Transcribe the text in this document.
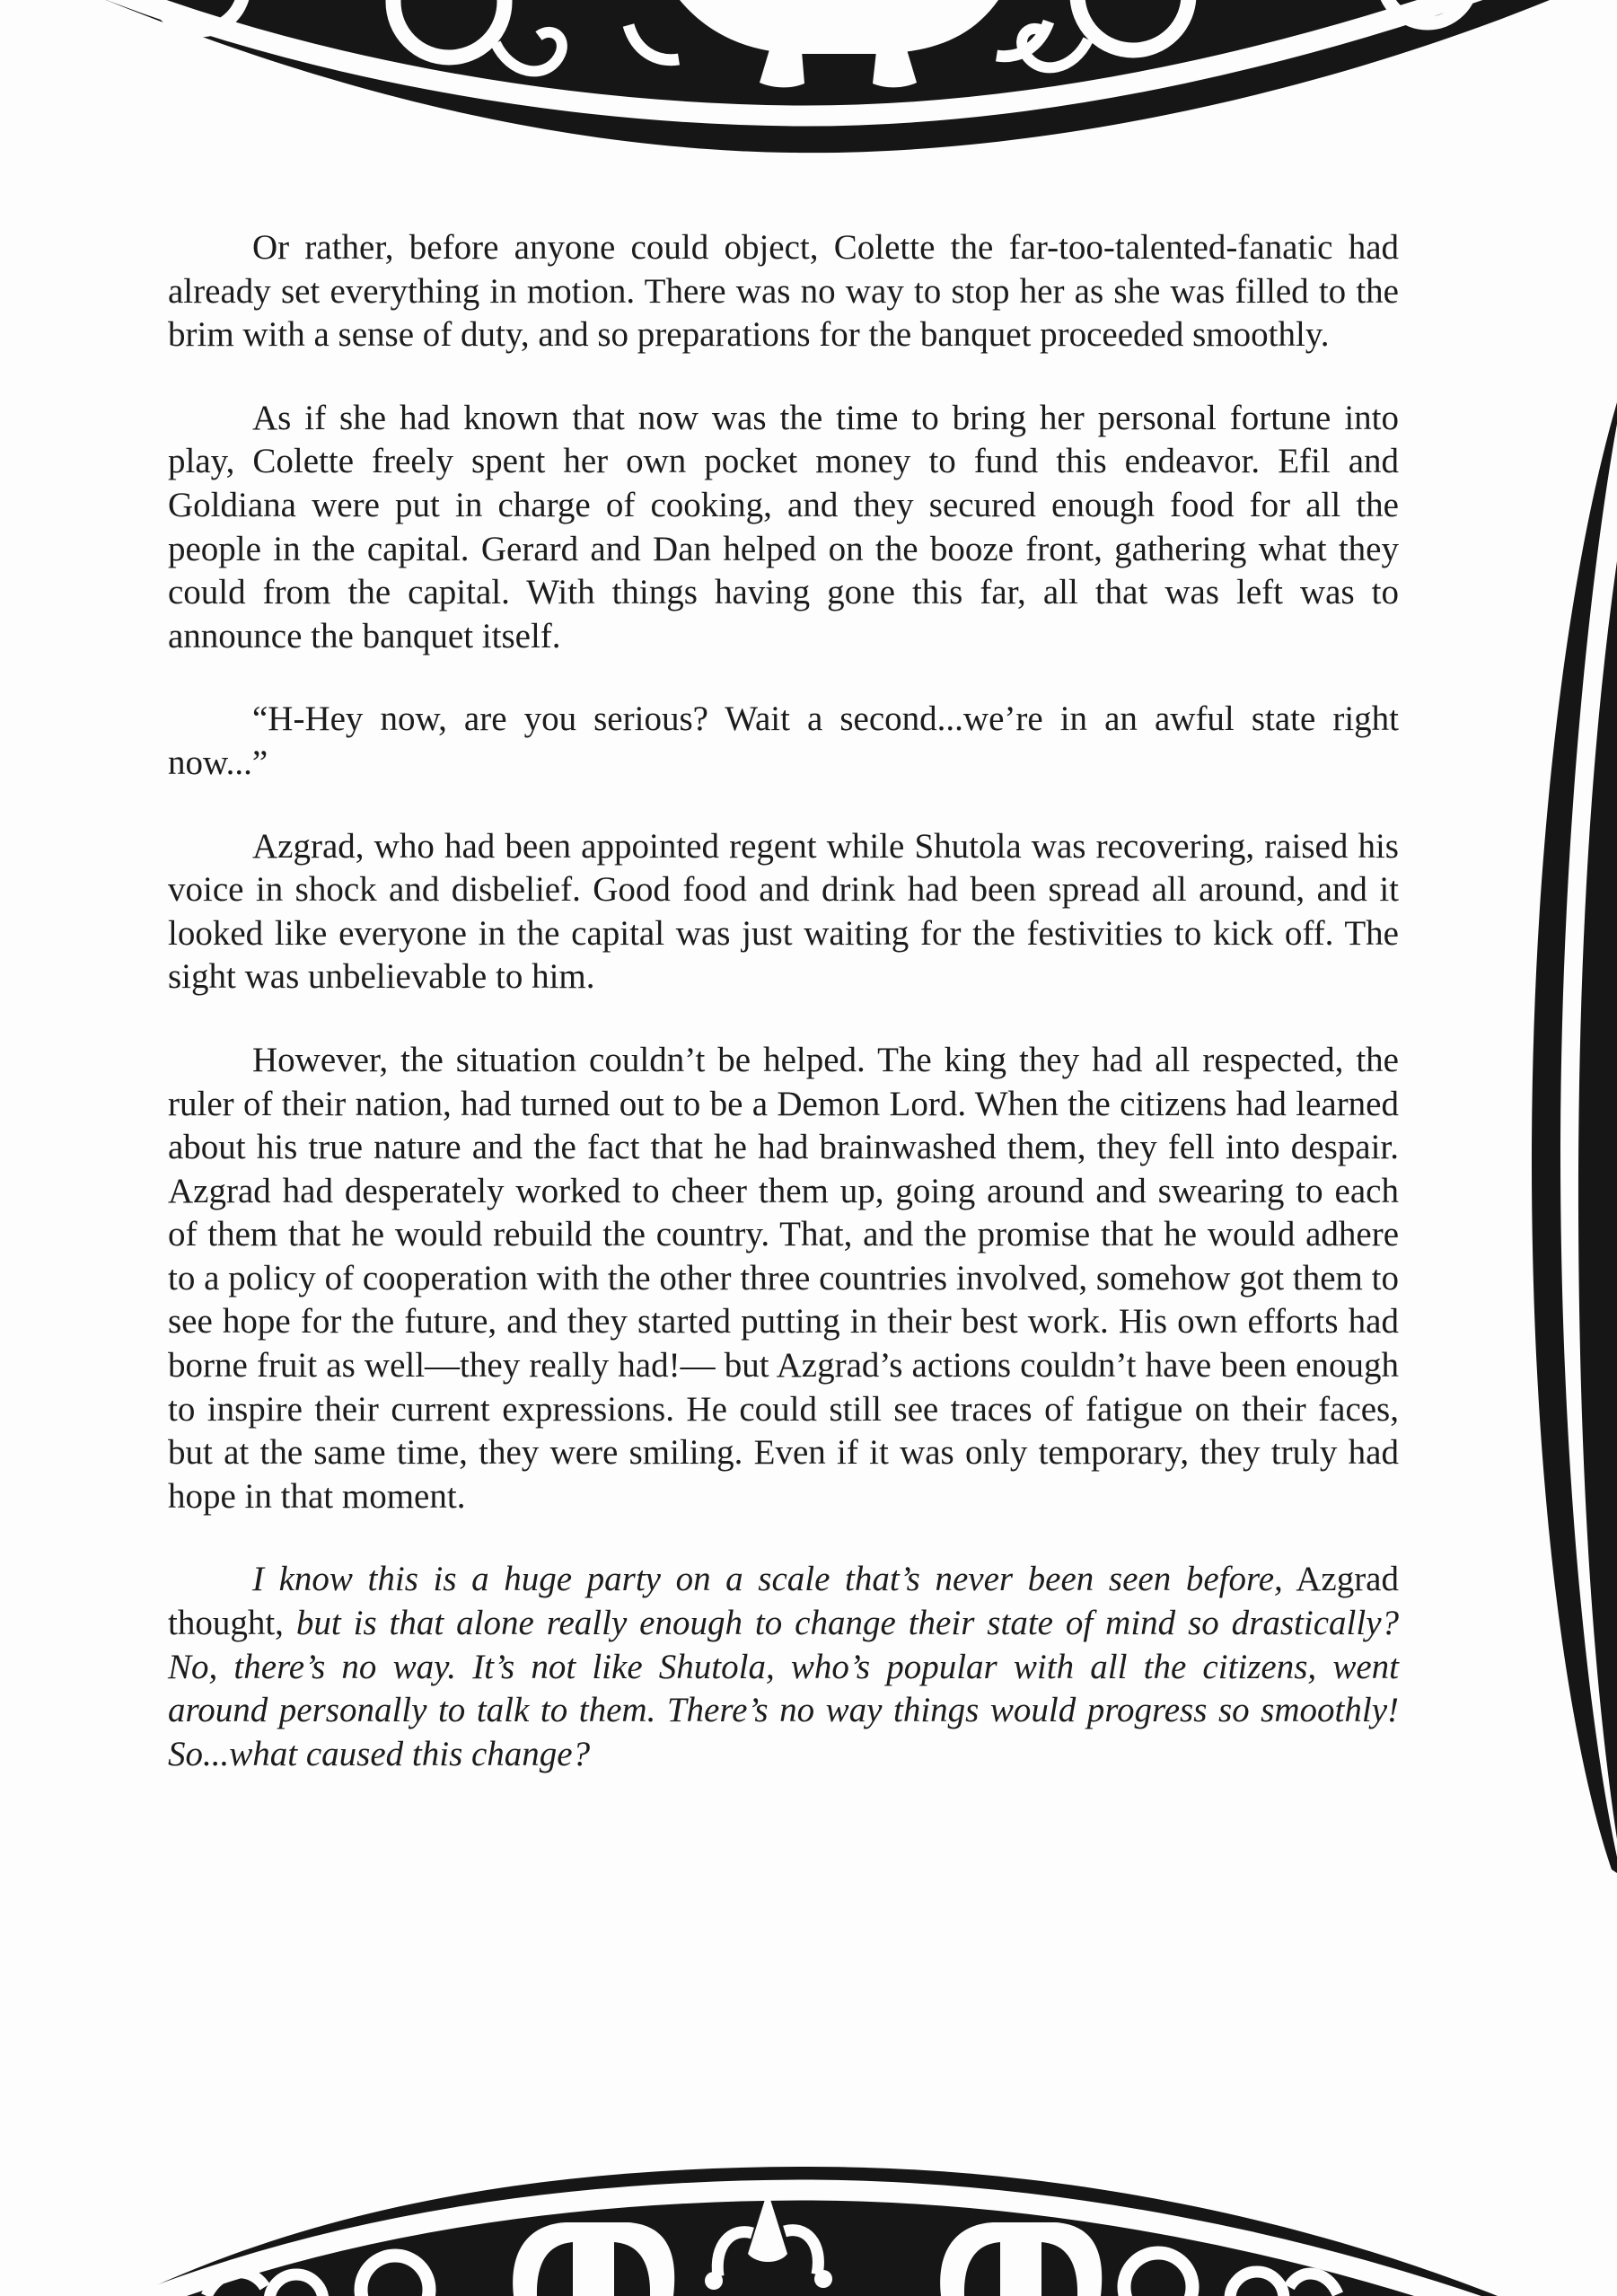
Or rather, before anyone could object, Colette the far-too-talented-fanatic had already set everything in motion. There was no way to stop her as she was filled to the brim with a sense of duty, and so preparations for the banquet proceeded smoothly.

As if she had known that now was the time to bring her personal fortune into play, Colette freely spent her own pocket money to fund this endeavor. Efil and Goldiana were put in charge of cooking, and they secured enough food for all the people in the capital. Gerard and Dan helped on the booze front, gathering what they could from the capital. With things having gone this far, all that was left was to announce the banquet itself.

“H-Hey now, are you serious? Wait a second...we’re in an awful state right now...”

Azgrad, who had been appointed regent while Shutola was recovering, raised his voice in shock and disbelief. Good food and drink had been spread all around, and it looked like everyone in the capital was just waiting for the festivities to kick off. The sight was unbelievable to him.

However, the situation couldn’t be helped. The king they had all respected, the ruler of their nation, had turned out to be a Demon Lord. When the citizens had learned about his true nature and the fact that he had brainwashed them, they fell into despair. Azgrad had desperately worked to cheer them up, going around and swearing to each of them that he would rebuild the country. That, and the promise that he would adhere to a policy of cooperation with the other three countries involved, somehow got them to see hope for the future, and they started putting in their best work. His own efforts had borne fruit as well—they really had!— but Azgrad’s actions couldn’t have been enough to inspire their current expressions. He could still see traces of fatigue on their faces, but at the same time, they were smiling. Even if it was only temporary, they truly had hope in that moment.

I know this is a huge party on a scale that’s never been seen before, Azgrad thought, but is that alone really enough to change their state of mind so drastically? No, there’s no way. It’s not like Shutola, who’s popular with all the citizens, went around personally to talk to them. There’s no way things would progress so smoothly! So...what caused this change?
